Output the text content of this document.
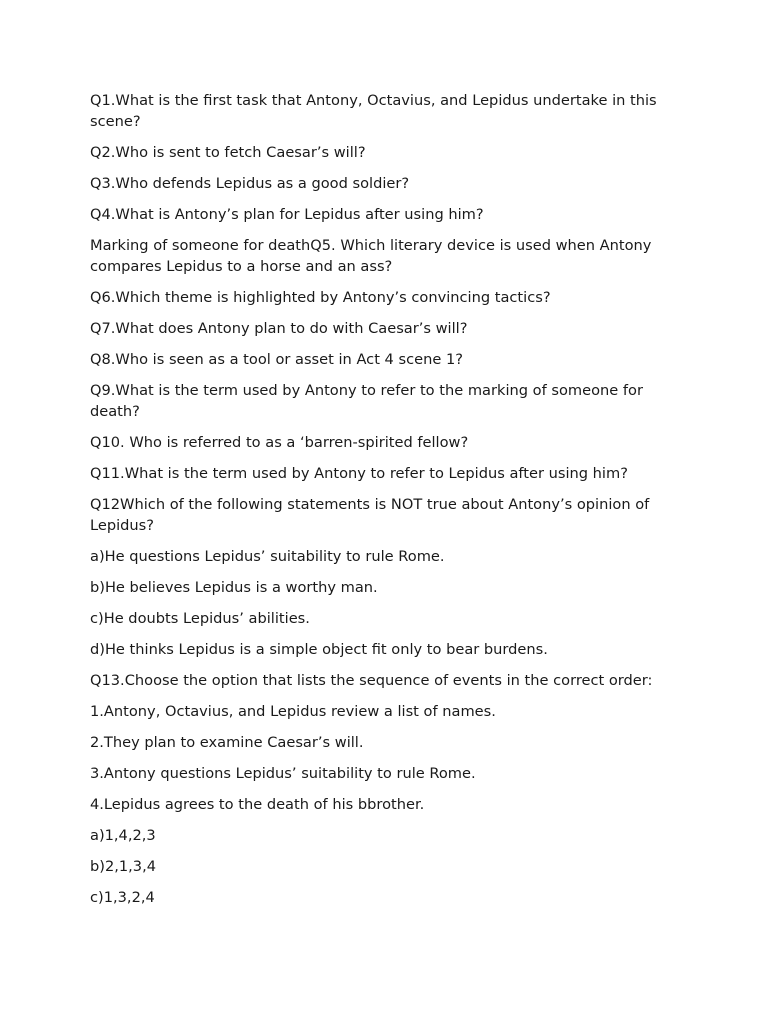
Q1.What is the first task that Antony, Octavius, and Lepidus undertake in this scene?

Q2.Who is sent to fetch Caesar’s will?

Q3.Who defends Lepidus as a good soldier?

Q4.What is Antony’s plan for Lepidus after using him?

Marking of someone for deathQ5. Which literary device is used when Antony compares Lepidus to a horse and an ass?

Q6.Which theme is highlighted by Antony’s convincing tactics?

Q7.What does Antony plan to do with Caesar’s will?

Q8.Who is seen as a tool or asset in Act 4 scene 1?

Q9.What is the term used by Antony to refer to the marking of someone for death?

Q10. Who is referred to as a ‘barren-spirited fellow?

Q11.What is the term used by Antony to refer to Lepidus after using him?

Q12Which of the following statements is NOT true about Antony’s opinion of Lepidus?

a)He questions Lepidus’ suitability to rule Rome.

b)He believes Lepidus is a worthy man.

c)He doubts Lepidus’ abilities.

d)He thinks Lepidus is a simple object fit only to bear burdens.

Q13.Choose the option that lists the sequence of events in the correct order:

1.Antony, Octavius, and Lepidus review a list of names.

2.They plan to examine Caesar’s will.

3.Antony questions Lepidus’ suitability to rule Rome.

4.Lepidus agrees to the death of his bbrother.

a)1,4,2,3

b)2,1,3,4

c)1,3,2,4
